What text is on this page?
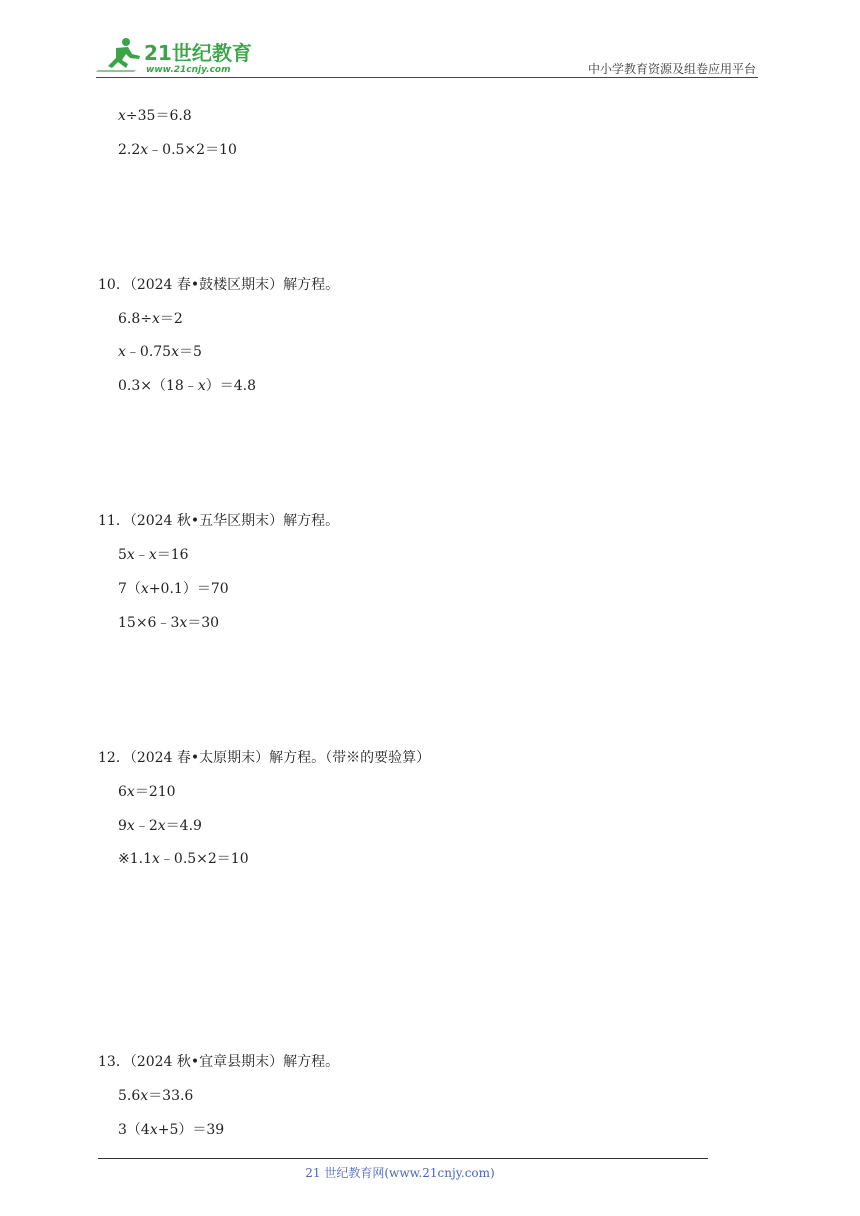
21世纪教育
www.21cnjy.com	中小学教育资源及组卷应用平台
x÷35＝6.8
2.2x﹣0.5×2＝10
10．（2024 春•鼓楼区期末）解方程。
6.8÷x＝2
x﹣0.75x＝5
0.3×（18﹣x）＝4.8
11．（2024 秋•五华区期末）解方程。
5x﹣x＝16
7（x+0.1）＝70
15×6﹣3x＝30
12．（2024 春•太原期末）解方程。（带※的要验算）
6x＝210
9x﹣2x＝4.9
※1.1x﹣0.5×2＝10
13．（2024 秋•宜章县期末）解方程。
5.6x＝33.6
3（4x+5）＝39
21 世纪教育网(www.21cnjy.com)
